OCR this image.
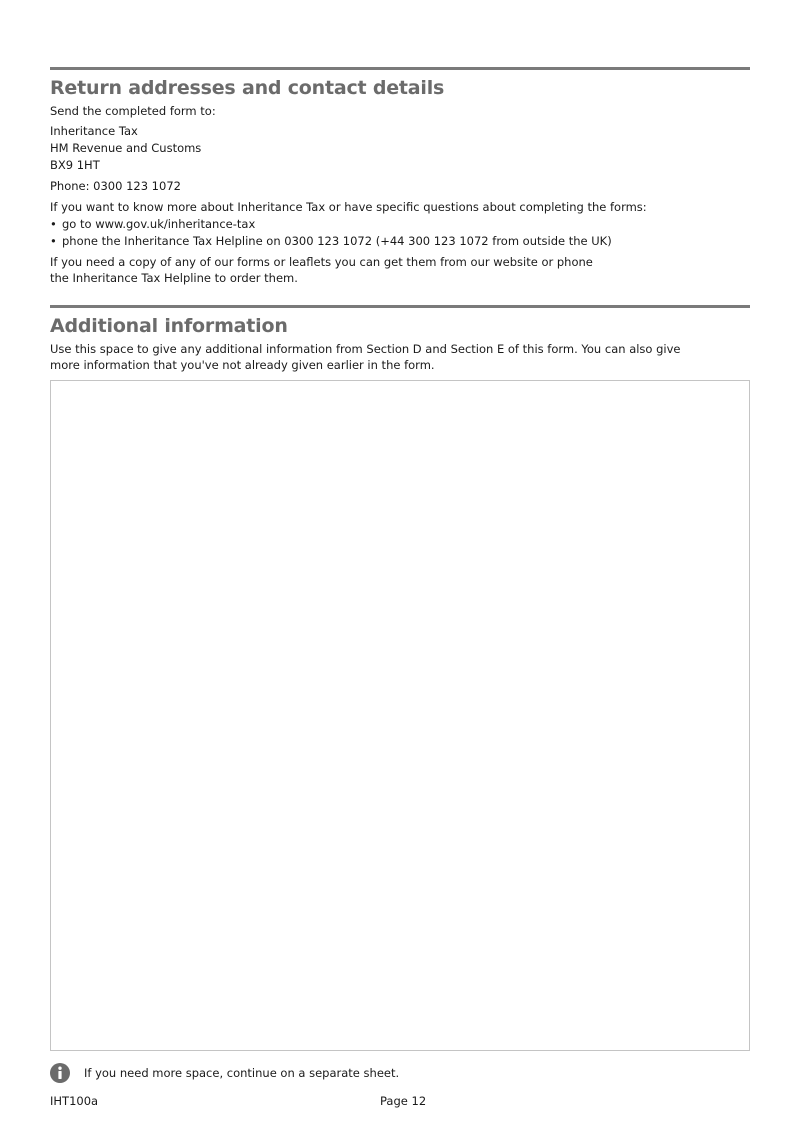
Return addresses and contact details

Send the completed form to:

Inheritance Tax

HM Revenue and Customs

BX9 1HT

Phone: 0300 123 1072

If you want to know more about Inheritance Tax or have specific questions about completing the forms:

• go to www.gov.uk/inheritance-tax

• phone the Inheritance Tax Helpline on 0300 123 1072 (+44 300 123 1072 from outside the UK)

If you need a copy of any of our forms or leaflets you can get them from our website or phone

the Inheritance Tax Helpline to order them.

Additional information

Use this space to give any additional information from Section D and Section E of this form. You can also give

more information that you've not already given earlier in the form.

If you need more space, continue on a separate sheet.

IHT100a	Page 12
